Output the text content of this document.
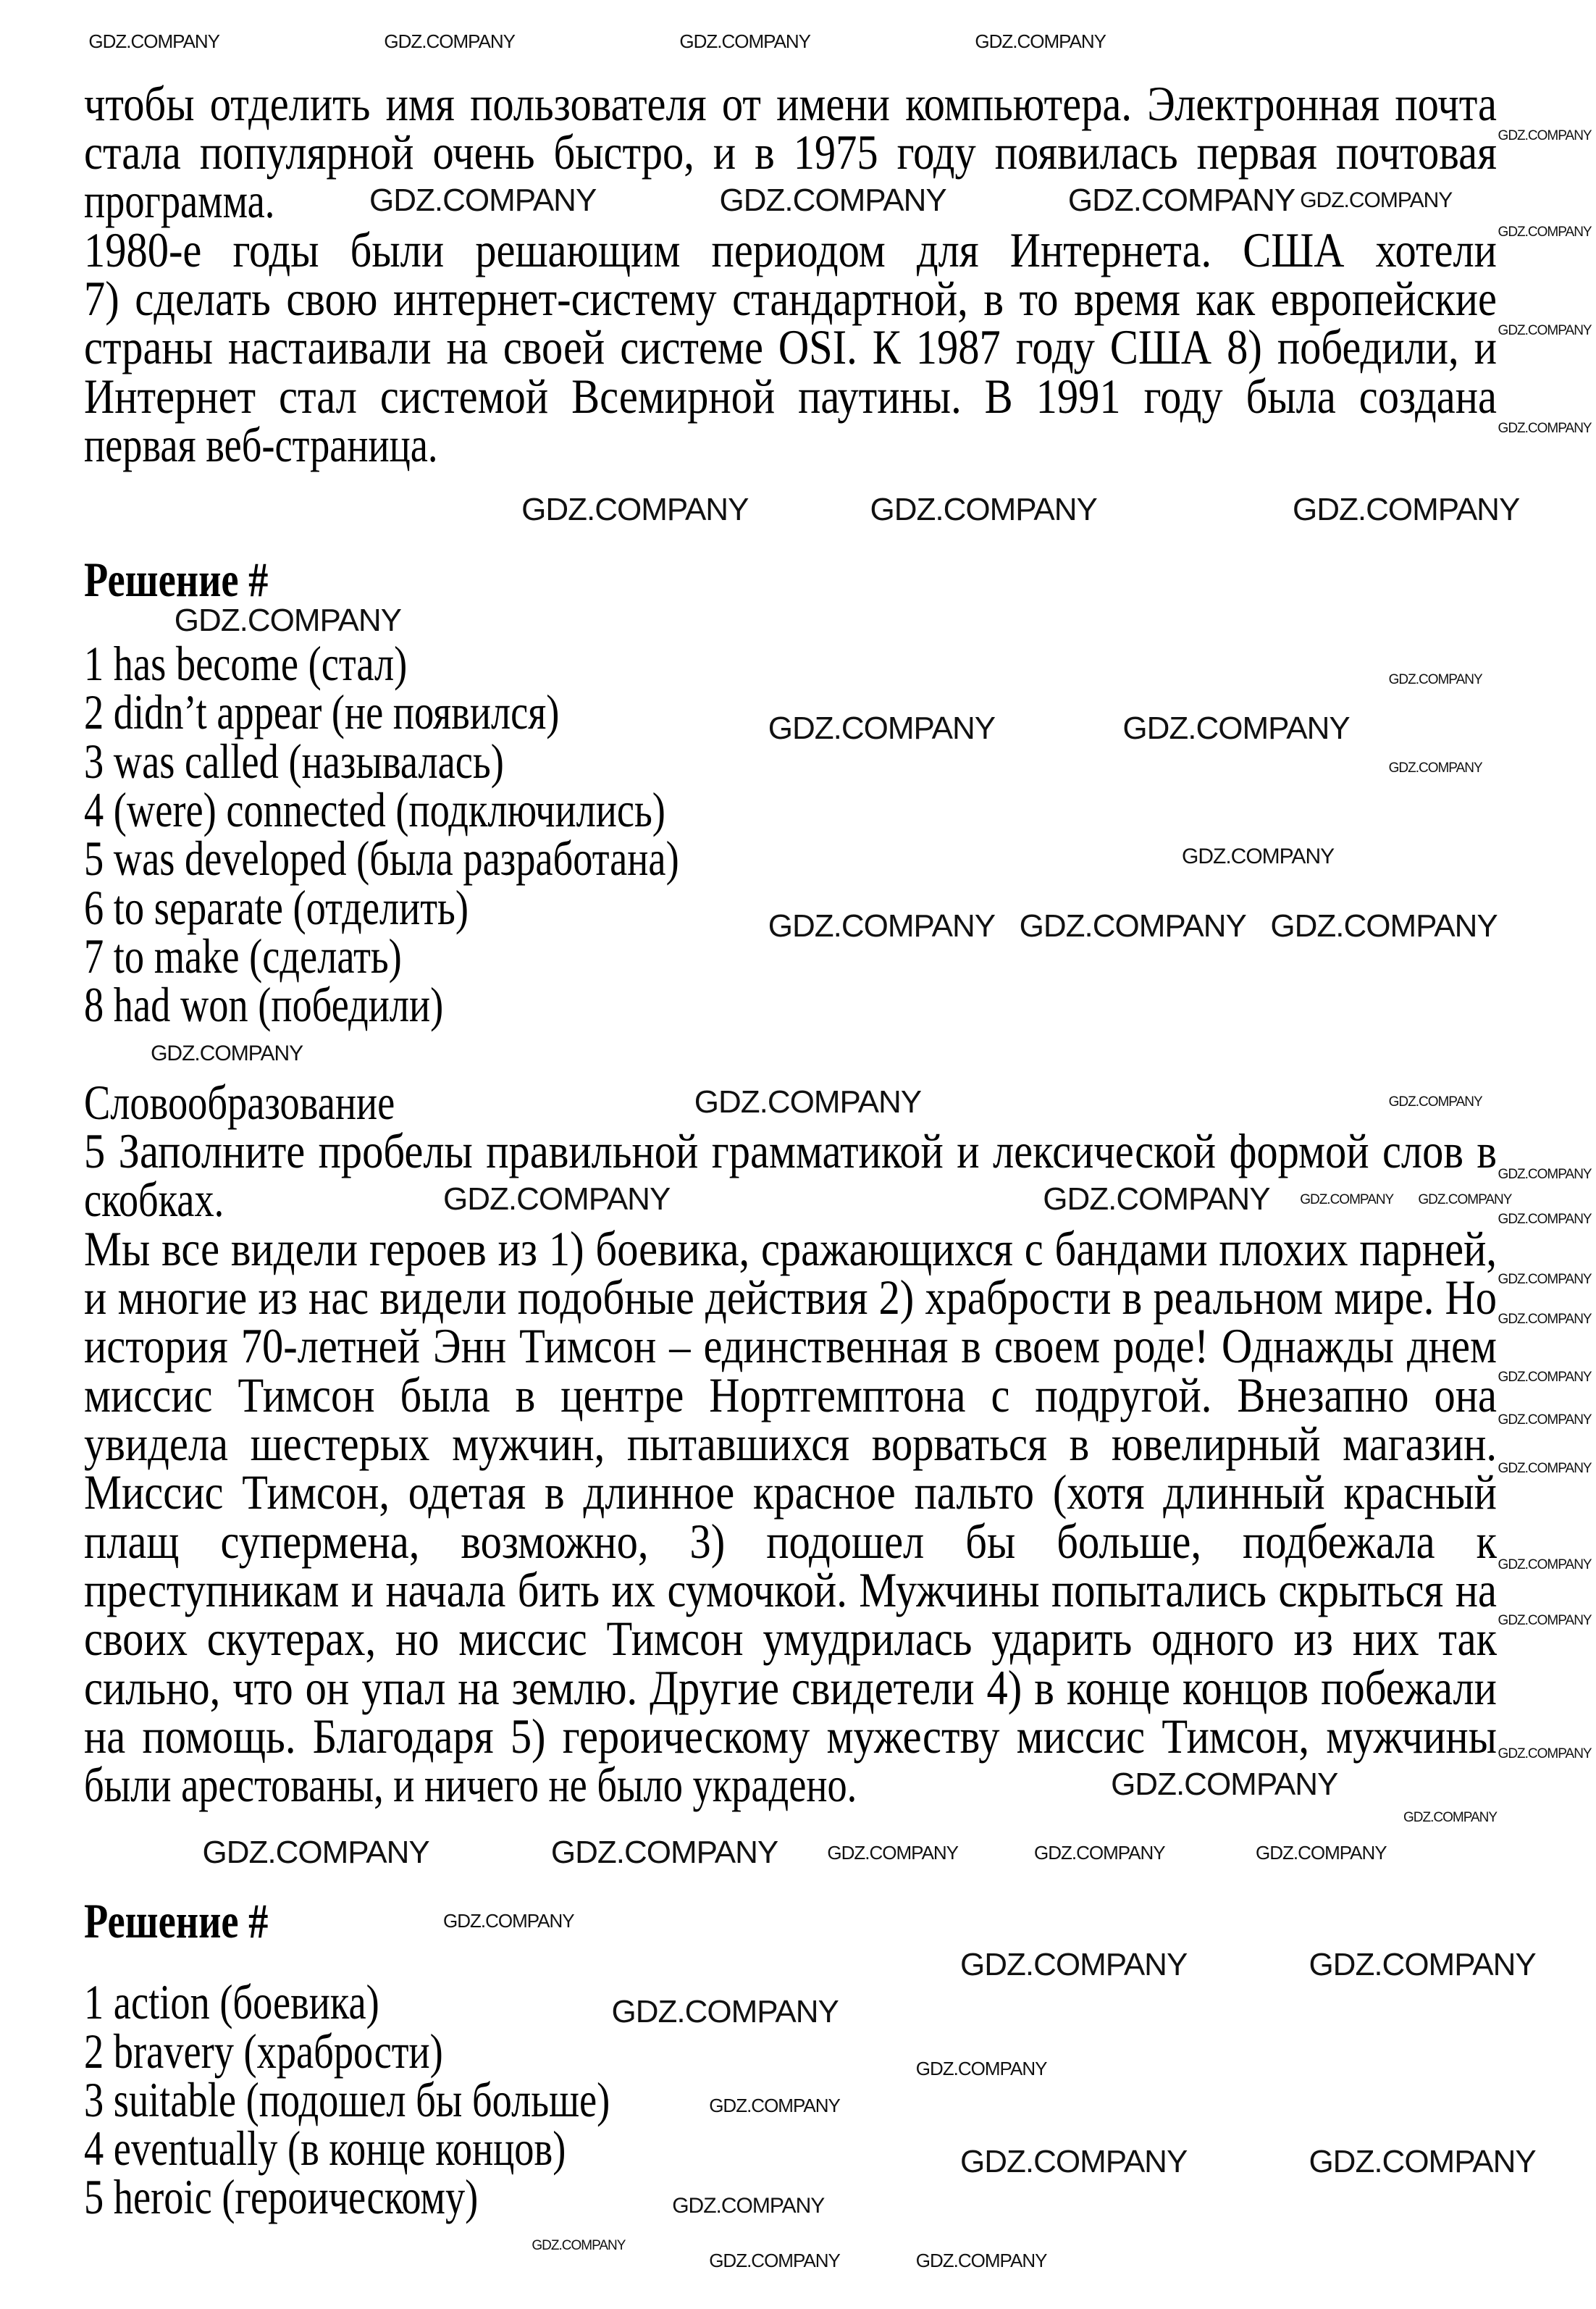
чтобы отделить имя пользователя от имени компьютера. Электронная почта
стала популярной очень быстро, и в 1975 году появилась первая почтовая
программа.
1980-е годы были решающим периодом для Интернета. США хотели
7) сделать свою интернет-систему стандартной, в то время как европейские
страны настаивали на своей системе OSI. К 1987 году США 8) победили, и
Интернет стал системой Всемирной паутины. В 1991 году была создана
первая веб-страница.
Решение #
1 has become (стал)
2 didn’t appear (не появился)
3 was called (называлась)
4 (were) connected (подключились)
5 was developed (была разработана)
6 to separate (отделить)
7 to make (сделать)
8 had won (победили)
Словообразование
5 Заполните пробелы правильной грамматикой и лексической формой слов в
скобках.
Мы все видели героев из 1) боевика, сражающихся с бандами плохих парней,
и многие из нас видели подобные действия 2) храбрости в реальном мире. Но
история 70-летней Энн Тимсон – единственная в своем роде! Однажды днем
миссис Тимсон была в центре Нортгемптона с подругой. Внезапно она
увидела шестерых мужчин, пытавшихся ворваться в ювелирный магазин.
Миссис Тимсон, одетая в длинное красное пальто (хотя длинный красный
плащ супермена, возможно, 3) подошел бы больше, подбежала к
преступникам и начала бить их сумочкой. Мужчины попытались скрыться на
своих скутерах, но миссис Тимсон умудрилась ударить одного из них так
сильно, что он упал на землю. Другие свидетели 4) в конце концов побежали
на помощь. Благодаря 5) героическому мужеству миссис Тимсон, мужчины
были арестованы, и ничего не было украдено.
Решение #
1 action (боевика)
2 bravery (храбрости)
3 suitable (подошел бы больше)
4 eventually (в конце концов)
5 heroic (героическому)
GDZ.COMPANY	GDZ.COMPANY	GDZ.COMPANY
GDZ.COMPANY	GDZ.COMPANY	GDZ.COMPANY
GDZ.COMPANY
GDZ.COMPANY	GDZ.COMPANY
GDZ.COMPANY GDZ.COMPANY GDZ.COMPANY
GDZ.COMPANY
GDZ.COMPANY	GDZ.COMPANY
GDZ.COMPANY
GDZ.COMPANY	GDZ.COMPANY
GDZ.COMPANY	GDZ.COMPANY
GDZ.COMPANY
GDZ.COMPANY	GDZ.COMPANY
GDZ.COMPANY
GDZ.COMPANY
GDZ.COMPANY
GDZ.COMPANY
GDZ.COMPANY	GDZ.COMPANY	GDZ.COMPANY	GDZ.COMPANY
GDZ.COMPANY	GDZ.COMPANY	GDZ.COMPANY
GDZ.COMPANY
GDZ.COMPANY
GDZ.COMPANY
GDZ.COMPANY	GDZ.COMPANY
GDZ.COMPANY
GDZ.COMPANY
GDZ.COMPANY
GDZ.COMPANY
GDZ.COMPANY
GDZ.COMPANY
GDZ.COMPANY
GDZ.COMPANY
GDZ.COMPANY
GDZ.COMPANY
GDZ.COMPANY
GDZ.COMPANY
GDZ.COMPANY
GDZ.COMPANY
GDZ.COMPANY
GDZ.COMPANY
GDZ.COMPANY
GDZ.COMPANY GDZ.COMPANY
GDZ.COMPANY
GDZ.COMPANY
